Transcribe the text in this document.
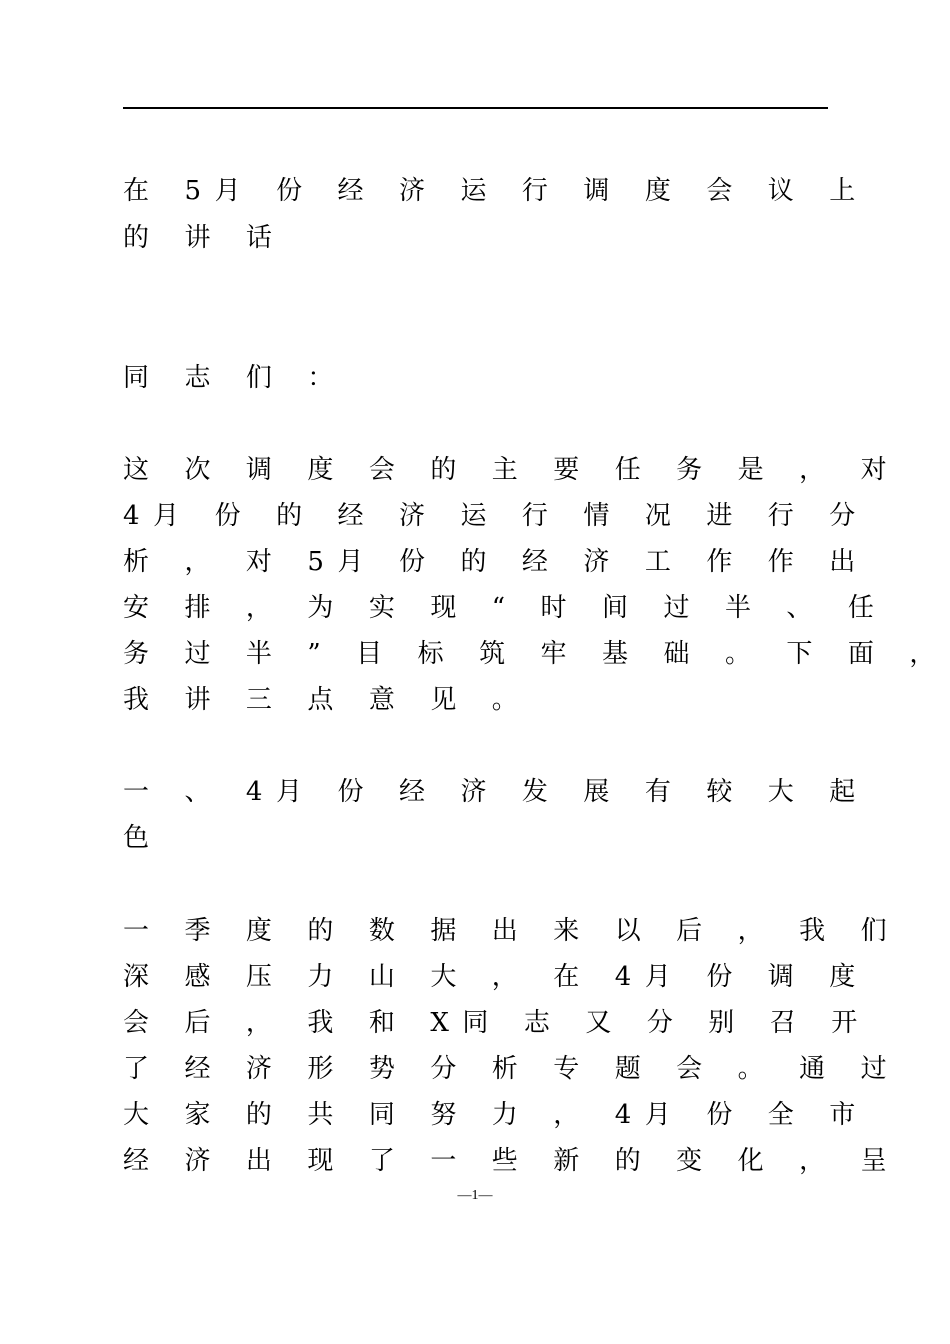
在 5月 份 经 济 运 行 调 度 会 议 上
的 讲 话
同 志 们 ：
这 次 调 度 会 的 主 要 任 务 是 ， 对
4月 份 的 经 济 运 行 情 况 进 行 分
析 ， 对 5月 份 的 经 济 工 作 作 出
安 排 ， 为 实 现 “ 时 间 过 半 、 任
务 过 半 ” 目 标 筑 牢 基 础 。 下 面 ，
我 讲 三 点 意 见 。
一 、 4月 份 经 济 发 展 有 较 大 起
色
一 季 度 的 数 据 出 来 以 后 ， 我 们
深 感 压 力 山 大 ， 在 4月 份 调 度
会 后 ， 我 和 X同 志 又 分 别 召 开
了 经 济 形 势 分 析 专 题 会 。 通 过
大 家 的 共 同 努 力 ， 4月 份 全 市
经 济 出 现 了 一 些 新 的 变 化 ， 呈
—1—
